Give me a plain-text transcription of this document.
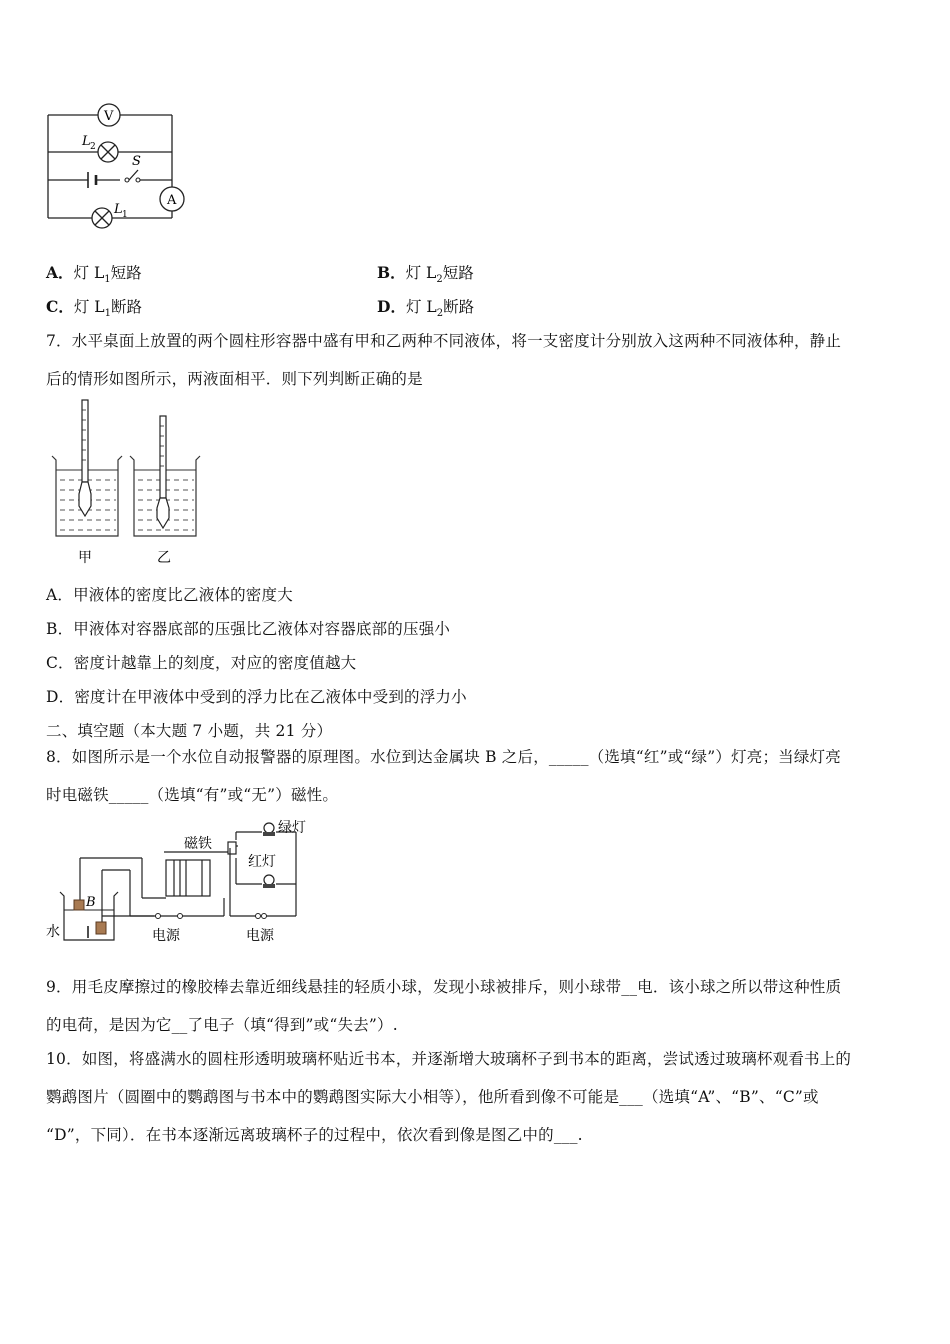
V
A
L 2
L 1
S
A．灯 $L_1$短路	B．灯 $L_2$短路
C．灯 $L_1$断路	D．灯 $L_2$断路
7．水平桌面上放置的两个圆柱形容器中盛有甲和乙两种不同液体，将一支密度计分别放入这两种不同液体种，静止
后的情形如图所示，两液面相平．则下列判断正确的是
甲	乙
A．甲液体的密度比乙液体的密度大
B．甲液体对容器底部的压强比乙液体对容器底部的压强小
C．密度计越靠上的刻度，对应的密度值越大
D．密度计在甲液体中受到的浮力比在乙液体中受到的浮力小
二、填空题（本大题 7 小题，共 21 分）
8．如图所示是一个水位自动报警器的原理图。水位到达金属块 B 之后，_____（选填“红”或“绿”）灯亮；当绿灯亮
时电磁铁_____（选填“有”或“无”）磁性。
磁铁
绿灯
红灯
B
水	电源	电源
9．用毛皮摩擦过的橡胶棒去靠近细线悬挂的轻质小球，发现小球被排斥，则小球带__电．该小球之所以带这种性质
的电荷，是因为它__了电子（填“得到”或“失去”）.
10．如图，将盛满水的圆柱形透明玻璃杯贴近书本，并逐渐增大玻璃杯子到书本的距离，尝试透过玻璃杯观看书上的
鹦鹉图片（圆圈中的鹦鹉图与书本中的鹦鹉图实际大小相等），他所看到像不可能是___（选填“A”、“B”、“C”或
“D”，下同）．在书本逐渐远离玻璃杯子的过程中，依次看到像是图乙中的___.
